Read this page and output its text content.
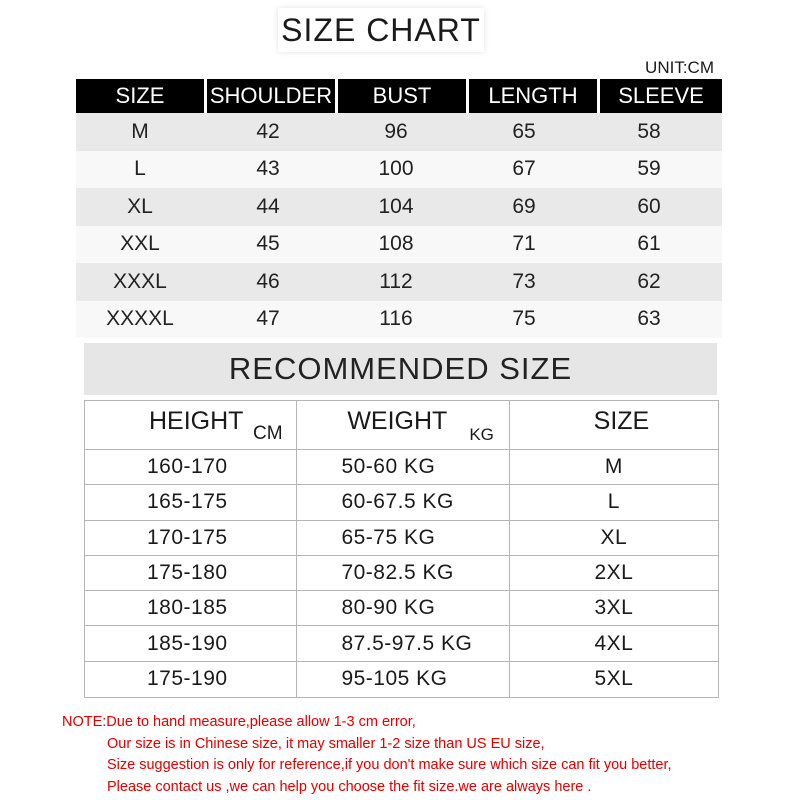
SIZE CHART
UNIT:CM
SIZE	SHOULDER	BUST	LENGTH	SLEEVE
M	42	96	65	58
L	43	100	67	59
XL	44	104	69	60
XXL	45	108	71	61
XXXL	46	112	73	62
XXXXL	47	116	75	63
RECOMMENDED SIZE
HEIGHT CM	WEIGHT KG	SIZE
160-170	50-60 KG	M
165-175	60-67.5 KG	L
170-175	65-75 KG	XL
175-180	70-82.5 KG	2XL
180-185	80-90 KG	3XL
185-190	87.5-97.5 KG	4XL
175-190	95-105 KG	5XL
NOTE:Due to hand measure,please allow 1-3 cm error,
Our size is in Chinese size, it may smaller 1-2 size than US EU size,
Size suggestion is only for reference,if you don't make sure which size can fit you better,
Please contact us ,we can help you choose the fit size.we are always here .
